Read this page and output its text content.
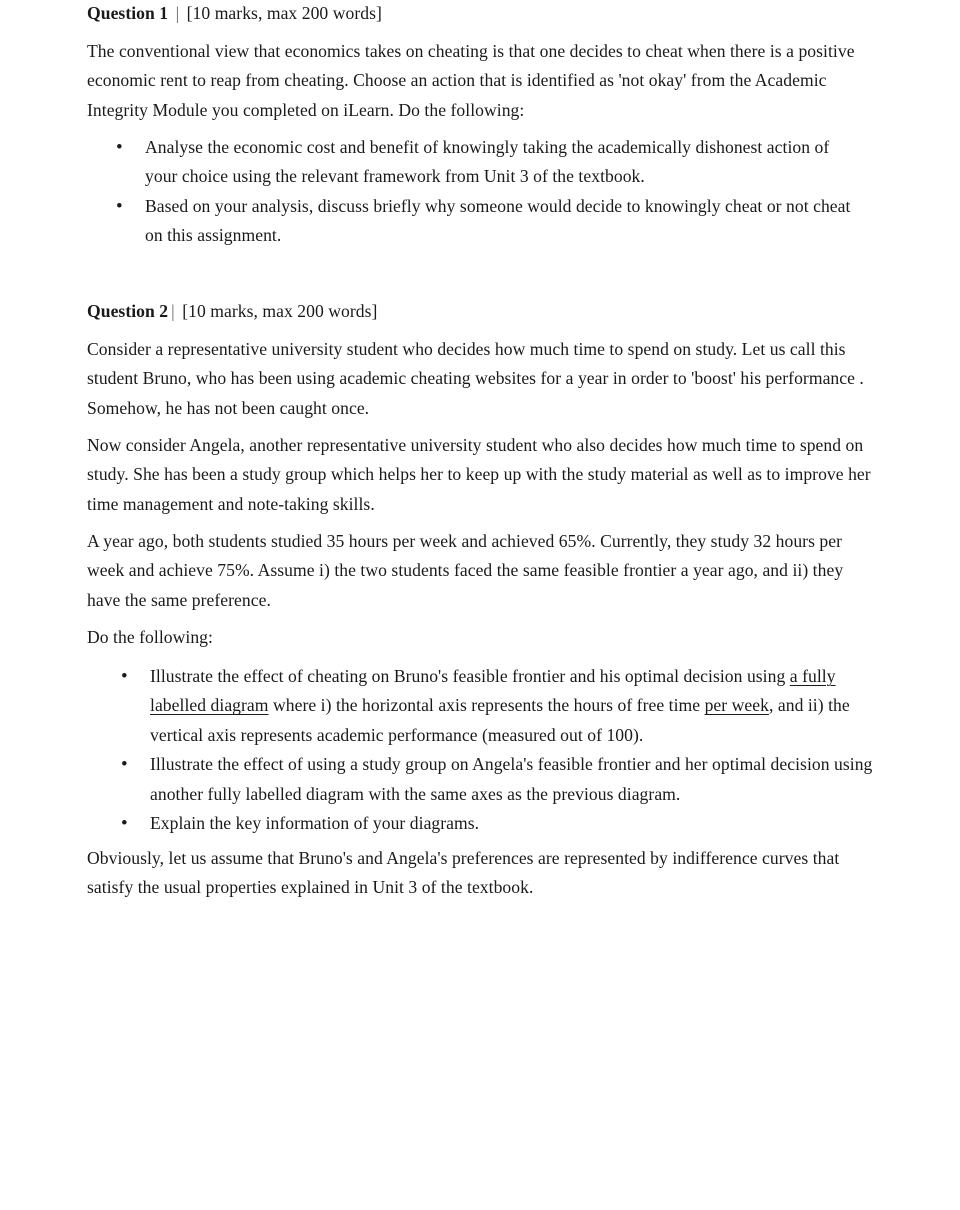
Question 1 | [10 marks, max 200 words]

The conventional view that economics takes on cheating is that one decides to cheat when there is a positive economic rent to reap from cheating. Choose an action that is identified as 'not okay' from the Academic Integrity Module you completed on iLearn. Do the following:

• Analyse the economic cost and benefit of knowingly taking the academically dishonest action of your choice using the relevant framework from Unit 3 of the textbook.
• Based on your analysis, discuss briefly why someone would decide to knowingly cheat or not cheat on this assignment.
Question 2 | [10 marks, max 200 words]

Consider a representative university student who decides how much time to spend on study. Let us call this student Bruno, who has been using academic cheating websites for a year in order to 'boost' his performance . Somehow, he has not been caught once.

Now consider Angela, another representative university student who also decides how much time to spend on study. She has been a study group which helps her to keep up with the study material as well as to improve her time management and note-taking skills.

A year ago, both students studied 35 hours per week and achieved 65%. Currently, they study 32 hours per week and achieve 75%. Assume i) the two students faced the same feasible frontier a year ago, and ii) they have the same preference.

Do the following:

• Illustrate the effect of cheating on Bruno's feasible frontier and his optimal decision using a fully labelled diagram where i) the horizontal axis represents the hours of free time per week, and ii) the vertical axis represents academic performance (measured out of 100).
• Illustrate the effect of using a study group on Angela's feasible frontier and her optimal decision using another fully labelled diagram with the same axes as the previous diagram.
• Explain the key information of your diagrams.

Obviously, let us assume that Bruno's and Angela's preferences are represented by indifference curves that satisfy the usual properties explained in Unit 3 of the textbook.
